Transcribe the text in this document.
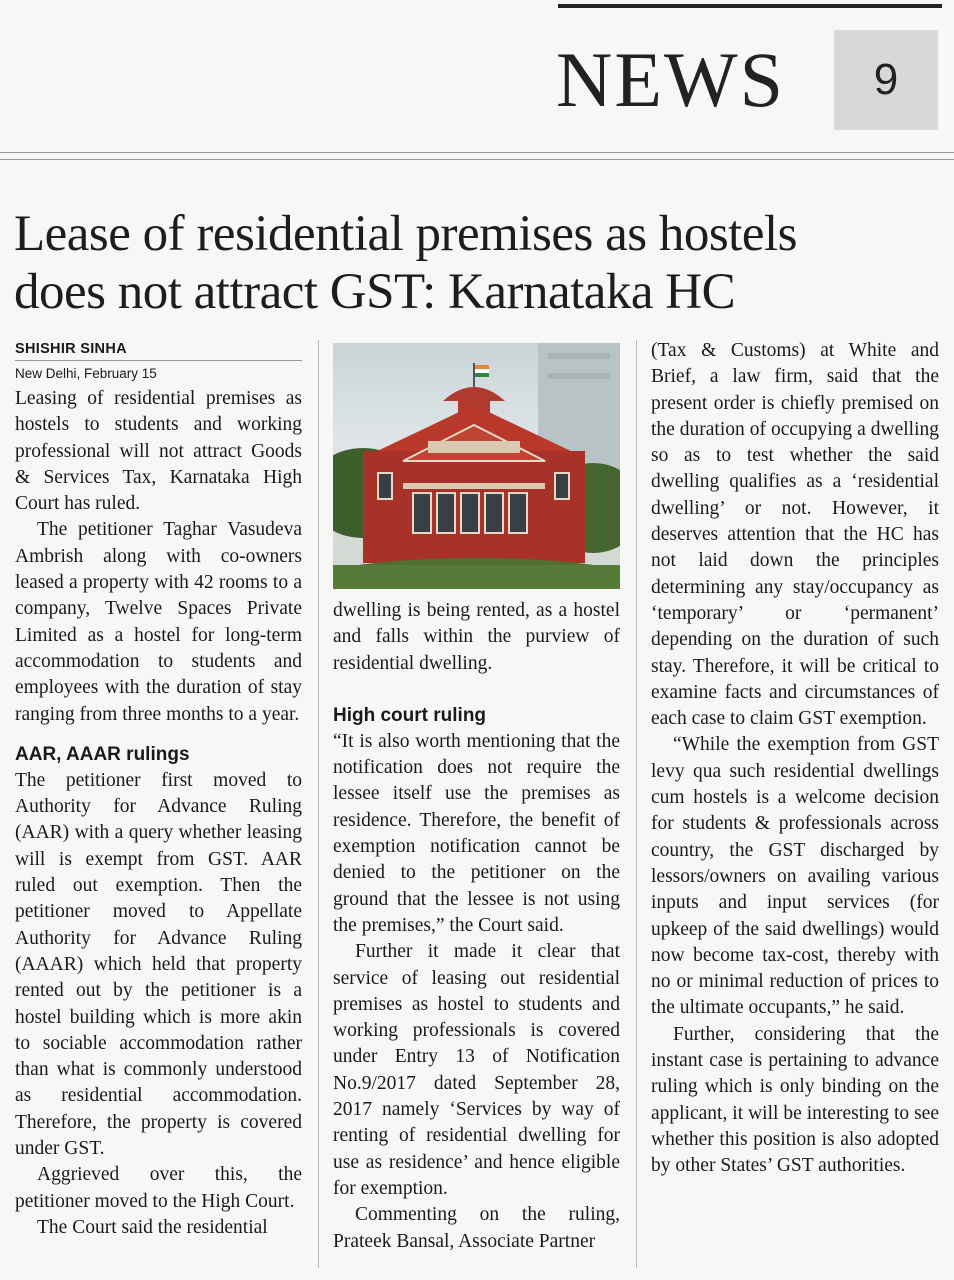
NEWS	9
Lease of residential premises as hostels
does not attract GST: Karnataka HC
SHISHIR SINHA
New Delhi, February 15

Leasing of residential premises as hostels to students and working professional will not attract Goods & Services Tax, Karnataka High Court has ruled.

The petitioner Taghar Vasudeva Ambrish along with co-owners leased a property with 42 rooms to a company, Twelve Spaces Private Limited as a hostel for long-term accommodation to students and employees with the duration of stay ranging from three months to a year.

AAR, AAAR rulings

The petitioner first moved to Authority for Advance Ruling (AAR) with a query whether leasing will is exempt from GST. AAR ruled out exemption. Then the petitioner moved to Appellate Authority for Advance Ruling (AAAR) which held that property rented out by the petitioner is a hostel building which is more akin to sociable accommodation rather than what is commonly understood as residential accommodation. Therefore, the property is covered under GST.

Aggrieved over this, the petitioner moved to the High Court.

The Court said the residential

dwelling is being rented, as a hostel and falls within the purview of residential dwelling.

High court ruling

“It is also worth mentioning that the notification does not require the lessee itself use the premises as residence. Therefore, the benefit of exemption notification cannot be denied to the petitioner on the ground that the lessee is not using the premises,” the Court said.

Further it made it clear that service of leasing out residential premises as hostel to students and working professionals is covered under Entry 13 of Notification No.9/2017 dated September 28, 2017 namely ‘Services by way of renting of residential dwelling for use as residence’ and hence eligible for exemption.

Commenting on the ruling, Prateek Bansal, Associate Partner

(Tax & Customs) at White and Brief, a law firm, said that the present order is chiefly premised on the duration of occupying a dwelling so as to test whether the said dwelling qualifies as a ‘residential dwelling’ or not. However, it deserves attention that the HC has not laid down the principles determining any stay/occupancy as ‘temporary’ or ‘permanent’ depending on the duration of such stay. Therefore, it will be critical to examine facts and circumstances of each case to claim GST exemption.

“While the exemption from GST levy qua such residential dwellings cum hostels is a welcome decision for students & professionals across country, the GST discharged by lessors/owners on availing various inputs and input services (for upkeep of the said dwellings) would now become tax-cost, thereby with no or minimal reduction of prices to the ultimate occupants,” he said.

Further, considering that the instant case is pertaining to advance ruling which is only binding on the applicant, it will be interesting to see whether this position is also adopted by other States’ GST authorities.
